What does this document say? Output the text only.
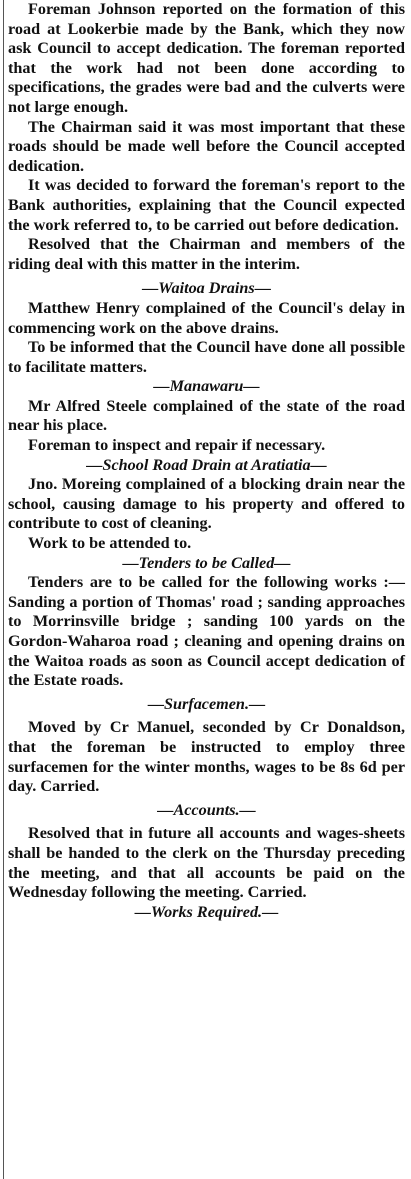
Foreman Johnson reported on the formation of this road at Lookerbie made by the Bank, which they now ask Council to accept dedication. The foreman reported that the work had not been done according to specifications, the grades were bad and the culverts were not large enough.

The Chairman said it was most important that these roads should be made well before the Council accepted dedication.

It was decided to forward the foreman's report to the Bank authorities, explaining that the Council expected the work referred to, to be carried out before dedication.

Resolved that the Chairman and members of the riding deal with this matter in the interim.

—Waitoa Drains—

Matthew Henry complained of the Council's delay in commencing work on the above drains.

To be informed that the Council have done all possible to facilitate matters.

—Manawaru—

Mr Alfred Steele complained of the state of the road near his place.

Foreman to inspect and repair if necessary.

—School Road Drain at Aratiatia—

Jno. Moreing complained of a blocking drain near the school, causing damage to his property and offered to contribute to cost of cleaning.

Work to be attended to.

—Tenders to be Called—

Tenders are to be called for the following works :—Sanding a portion of Thomas' road ; sanding approaches to Morrinsville bridge ; sanding 100 yards on the Gordon-Waharoa road ; cleaning and opening drains on the Waitoa roads as soon as Council accept dedication of the Estate roads.

—Surfacemen.—

Moved by Cr Manuel, seconded by Cr Donaldson, that the foreman be instructed to employ three surfacemen for the winter months, wages to be 8s 6d per day. Carried.

—Accounts.—

Resolved that in future all accounts and wages-sheets shall be handed to the clerk on the Thursday preceding the meeting, and that all accounts be paid on the Wednesday following the meeting. Carried.

—Works Required.—
